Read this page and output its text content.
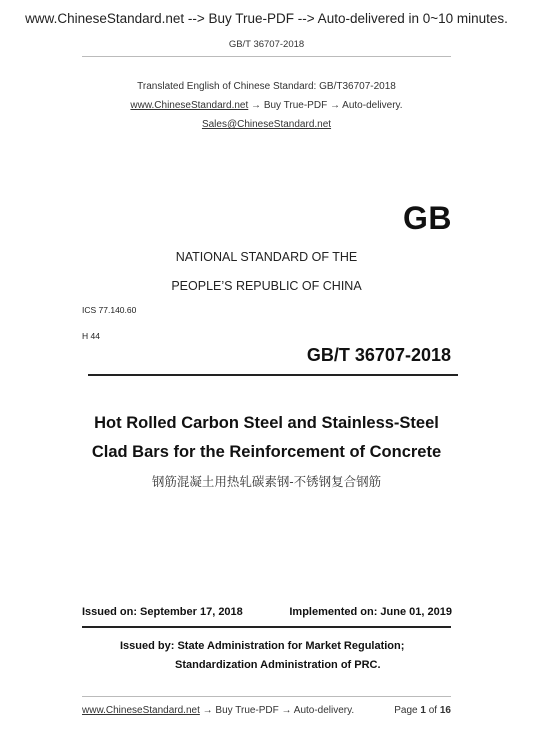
www.ChineseStandard.net --> Buy True-PDF --> Auto-delivered in 0~10 minutes.
GB/T 36707-2018
Translated English of Chinese Standard: GB/T36707-2018
www.ChineseStandard.net → Buy True-PDF → Auto-delivery.
Sales@ChineseStandard.net
GB
NATIONAL STANDARD OF THE
PEOPLE’S REPUBLIC OF CHINA
ICS 77.140.60
H 44
GB/T 36707-2018
Hot Rolled Carbon Steel and Stainless-Steel
Clad Bars for the Reinforcement of Concrete
钢筋混凝土用热轧碳素钢-不锈钢复合钢筋
Issued on: September 17, 2018	Implemented on: June 01, 2019
Issued by: State Administration for Market Regulation;
Standardization Administration of PRC.
www.ChineseStandard.net → Buy True-PDF → Auto-delivery.	Page 1 of 16
